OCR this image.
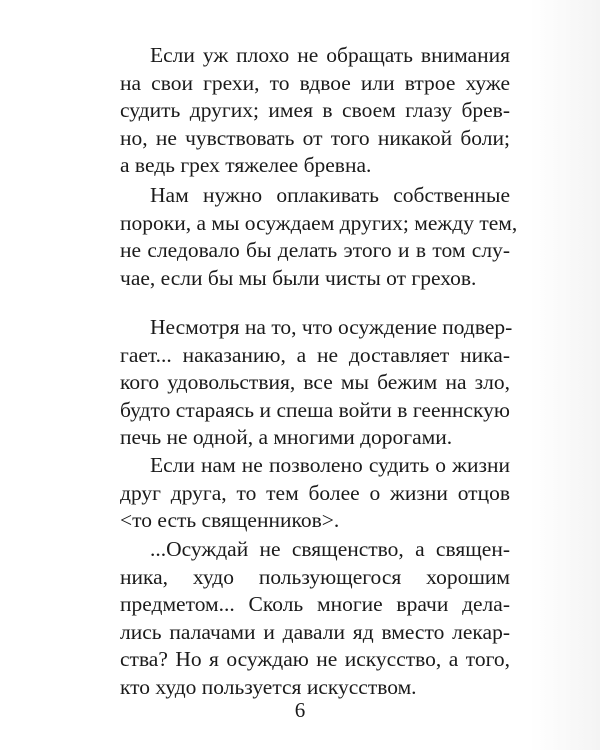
Если уж плохо не обращать внимания
на свои грехи, то вдвое или втрое хуже
судить других; имея в своем глазу брев-
но, не чувствовать от того никакой боли;
а ведь грех тяжелее бревна.
Нам нужно оплакивать собственные
пороки, а мы осуждаем других; между тем,
не следовало бы делать этого и в том слу-
чае, если бы мы были чисты от грехов.
Несмотря на то, что осуждение подвер-
гает... наказанию, а не доставляет ника-
кого удовольствия, все мы бежим на зло,
будто стараясь и спеша войти в гееннскую
печь не одной, а многими дорогами.
Если нам не позволено судить о жизни
друг друга, то тем более о жизни отцов
<то есть священников>.
...Осуждай не священство, а священ-
ника, худо пользующегося хорошим
предметом... Сколь многие врачи дела-
лись палачами и давали яд вместо лекар-
ства? Но я осуждаю не искусство, а того,
кто худо пользуется искусством.
6
